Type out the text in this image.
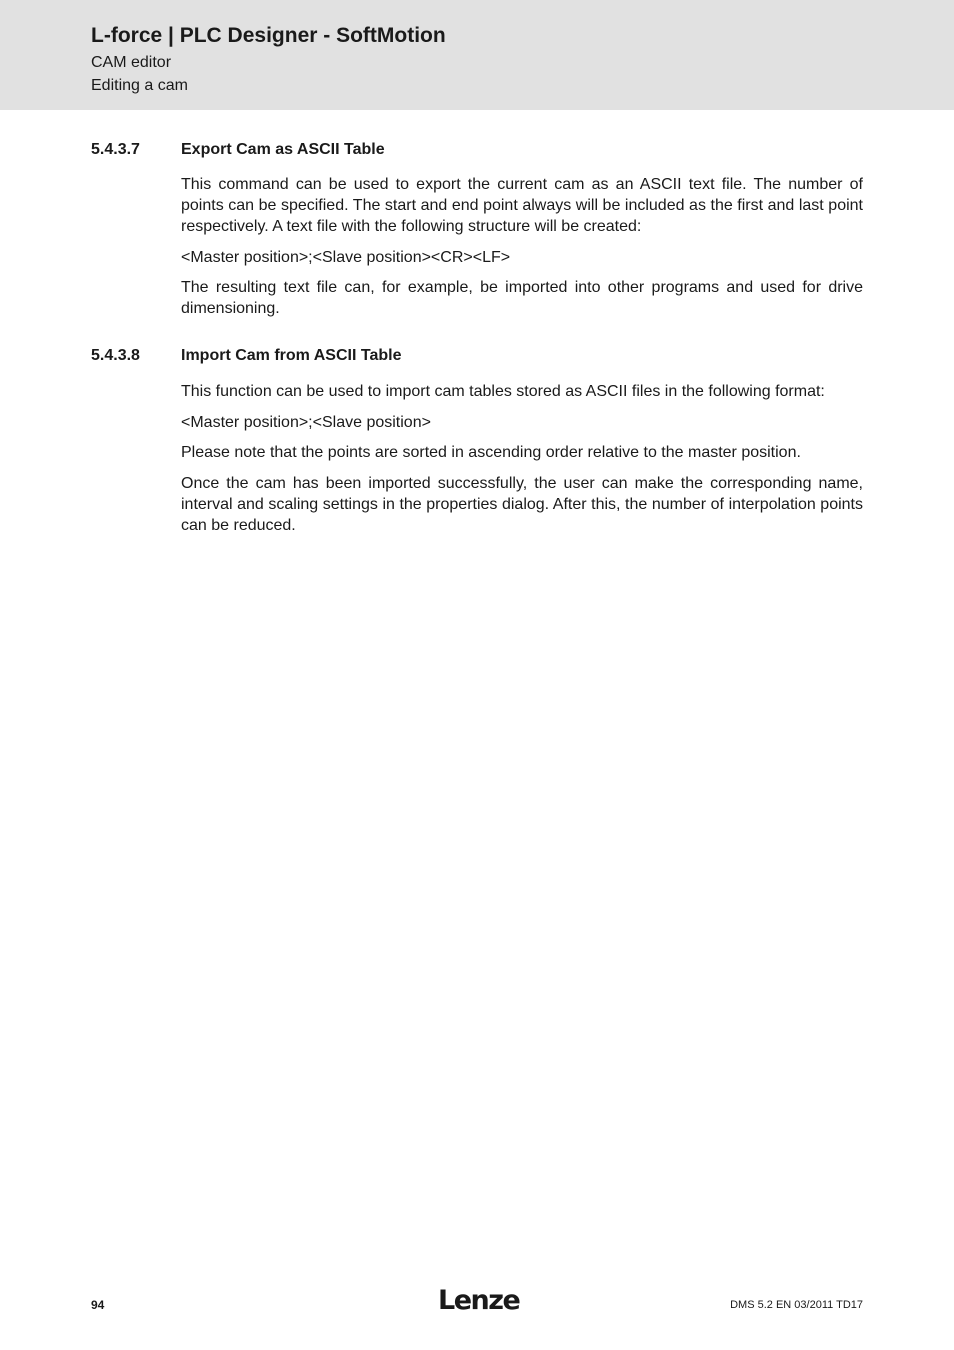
L-force | PLC Designer - SoftMotion
CAM editor
Editing a cam
5.4.3.7	Export Cam as ASCII Table

This command can be used to export the current cam as an ASCII text file. The number of points can be specified. The start and end point always will be included as the first and last point respectively. A text file with the following structure will be created:

<Master position>;<Slave position><CR><LF>

The resulting text file can, for example, be imported into other programs and used for drive dimensioning.

5.4.3.8	Import Cam from ASCII Table

This function can be used to import cam tables stored as ASCII files in the following format:

<Master position>;<Slave position>

Please note that the points are sorted in ascending order relative to the master position.

Once the cam has been imported successfully, the user can make the corresponding name, interval and scaling settings in the properties dialog. After this, the number of interpolation points can be reduced.

94	Lenze	DMS 5.2 EN 03/2011 TD17
